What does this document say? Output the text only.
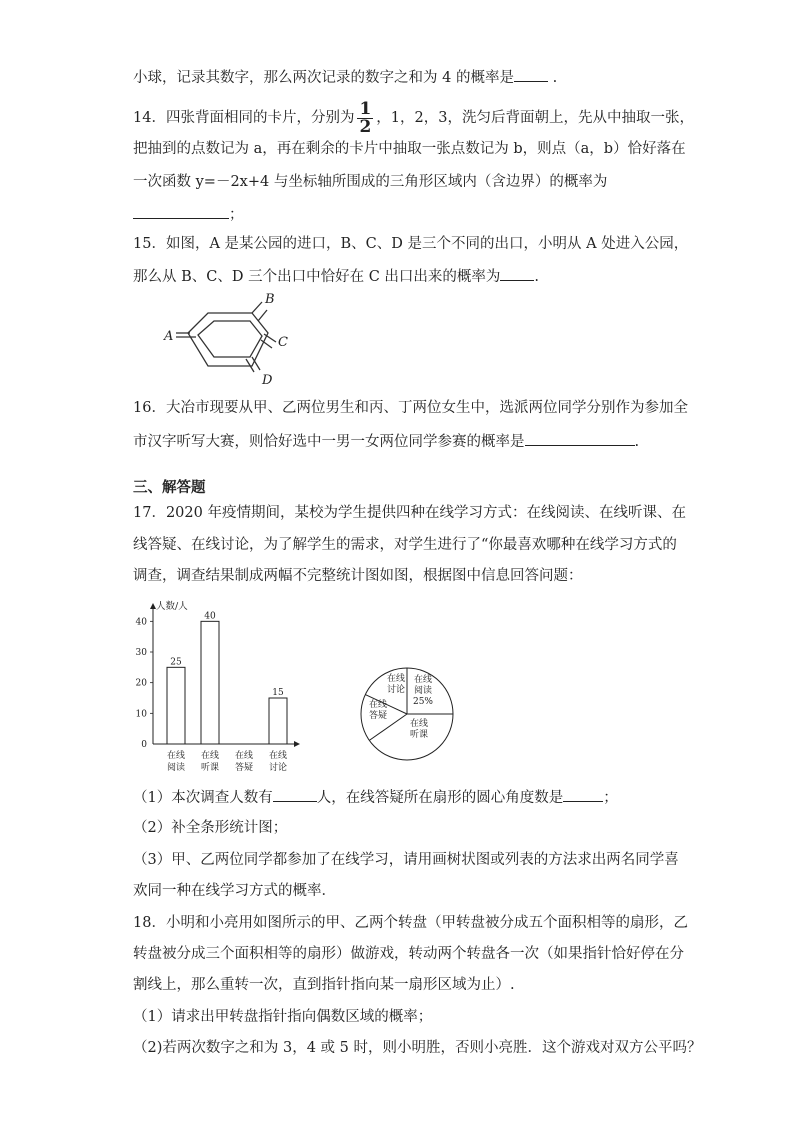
小球，记录其数字，那么两次记录的数字之和为 4 的概率是	.
14．四张背面相同的卡片，分别为 $\frac{1}{2}$ ，1，2，3，洗匀后背面朝上，先从中抽取一张，
把抽到的点数记为 a，再在剩余的卡片中抽取一张点数记为 b，则点（a，b）恰好落在
一次函数 y=－2x+4 与坐标轴所围成的三角形区域内（含边界）的概率为
；
15．如图，A 是某公园的进口，B、C、D 是三个不同的出口，小明从 A 处进入公园，
那么从 B、C、D 三个出口中恰好在 C 出口出来的概率为 .
A
B
C
D
16．大冶市现要从甲、乙两位男生和丙、丁两位女生中，选派两位同学分别作为参加全
市汉字听写大赛，则恰好选中一男一女两位同学参赛的概率是	.
三、解答题
17．2020 年疫情期间，某校为学生提供四种在线学习方式：在线阅读、在线听课、在
线答疑、在线讨论，为了解学生的需求，对学生进行了“你最喜欢哪种在线学习方式的
调查，调查结果制成两幅不完整统计图如图，根据图中信息回答问题：
人数/人
0
10
20
30
40
25
在线
阅读
40
在线
听课
在线
答疑
15
在线
讨论
在线
阅读
25%
在线
听课
在线
答疑
在线
讨论
（1）本次调查人数有	人，在线答疑所在扇形的圆心角度数是	；
（2）补全条形统计图；
（3）甲、乙两位同学都参加了在线学习，请用画树状图或列表的方法求出两名同学喜
欢同一种在线学习方式的概率．
18．小明和小亮用如图所示的甲、乙两个转盘（甲转盘被分成五个面积相等的扇形，乙
转盘被分成三个面积相等的扇形）做游戏，转动两个转盘各一次（如果指针恰好停在分
割线上，那么重转一次，直到指针指向某一扇形区域为止）.
（1）请求出甲转盘指针指向偶数区域的概率；
（2)若两次数字之和为 3，4 或 5 时，则小明胜，否则小亮胜．这个游戏对双方公平吗？
